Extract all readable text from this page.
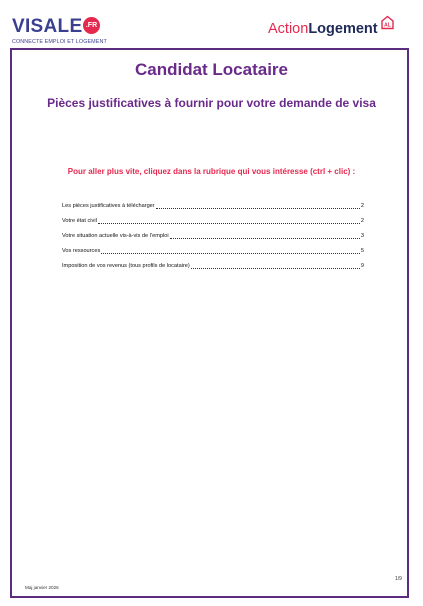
VISALE .FR
CONNECTE EMPLOI ET LOGEMENT
ActionLogement AL
Candidat Locataire
Pièces justificatives à fournir pour votre demande de visa
Pour aller plus vite, cliquez dans la rubrique qui vous intéresse (ctrl + clic) :
Les pièces justificatives à télécharger	2
Votre état civil	2
Votre situation actuelle vis-à-vis de l’emploi	3
Vos ressources	5
Imposition de vos revenus (tous profils de locataire)	9
1/9
Maj janvier 2026
